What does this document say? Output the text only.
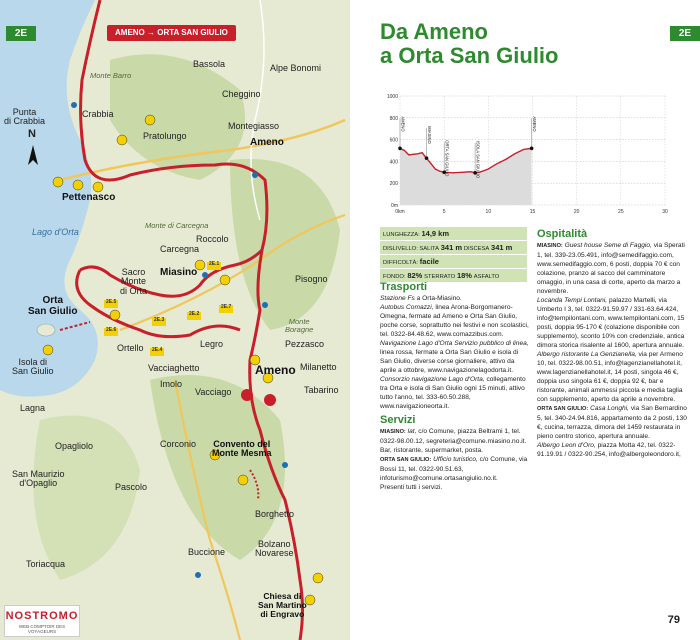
2E	AMENO → ORTA SAN GIULIO
N
2E.1
2E.2
2E.3
2E.4
2E.5
2E.6
2E.7
Bassola	Alpe Bonomi
Cheggino
Montegiasso
Ameno
Punta
di Crabbia
Crabbia
Pratolungo
Monte Barro
Pettenasco
Lago d'Orta
Monte di Carcegna
Carcegna
Roccolo
Miasino
Sacro
Monte
di Orta
Orta
San Giulio
Isola di
San Giulio
Ortello	Legro
Vacciaghetto
Imolo
Vacciago
Ameno
Pisogno
Pezzasco
Milanetto
Tabarino
Monte
Boragne
Lagna
Opagliolo	Corconio Convento del
Monte Mesma
San Maurizio
d'Opaglio	Pascolo
Borghetto
Toriacqua
Buccione
Bolzano
Novarese
Chiesa di
San Martino
di Engravo
NOSTROMO
WEB COMPTOIR DES VOYAGEURS
2E
Da Ameno
a Orta San Giulio
0m
200
400
600
800
1000
0km	5	10	15	20	25	30
AMENO
MIASINO
ORTA SAN GIULIO	ISOLA SAN GIULIO
AMENO
LUNGHEZZA: 14,9 km
DISLIVELLO: SALITA 341 m DISCESA 341 m
DIFFICOLTÀ: facile
FONDO: 82% STERRATO 18% ASFALTO
Trasporti

Stazione Fs a Orta-Miasino.

Autobus Comazzi, linea Arona-Borgomanero-Omegna, fermate ad Ameno e Orta San Giulio, poche corse, soprattutto nei festivi e non scolastici, tel. 0322-84.48.62, www.comazzibus.com.

Navigazione Lago d'Orta Servizio pubblico di linea, linea rossa, fermate a Orta San Giulio e isola di San Giulio, diverse corse giornaliere, attivo da aprile a ottobre, www.navigazionelagodorta.it.

Consorzio navigazione Lago d'Orta, collegamento tra Orta e isola di San Giulio ogni 15 minuti, attivo tutto l'anno, tel. 333-60.50.288, www.navigazioneorta.it.

Servizi

MIASINO: lat, c/o Comune, piazza Beltrami 1, tel. 0322-98.00.12, segreteria@comune.miasino.no.it.

Bar, ristorante, supermarket, posta.

ORTA SAN GIULIO: Ufficio turistico, c/o Comune, via Bossi 11, tel. 0322-90.51.63, infoturismo@comune.ortasangiulio.no.it.

Presenti tutti i servizi.

Ospitalità

MIASINO: Guest house Seme di Faggio, via Sperati 1, tel. 339-23.05.491, info@semedifaggio.com, www.semedifaggio.com, 6 posti, doppia 70 € con colazione, pranzo al sacco del camminatore omaggio, in una casa di corte, aperto da marzo a novembre.

Locanda Tempi Lontani, palazzo Martelli, via Umberto I 3, tel. 0322-91.59.97 / 331-63.64.424, info@tempilontani.com, www.tempilontani.com, 15 posti, doppia 95-170 € (colazione disponibile con supplemento), sconto 10% con credenziale, antica dimora storica risalente al 1600, apertura annuale.

Albergo ristorante La Genzianella, via per Armeno 10, tel. 0322-98.00.51, info@lagenzianellahotel.it, www.lagenzianellahotel.it, 14 posti, singola 46 €, doppia uso singola 61 €, doppia 92 €, bar e ristorante, animali ammessi piccola e media taglia con supplemento, aperto da aprile a novembre.

ORTA SAN GIULIO: Casa Longhi, via San Bernardino 5, tel. 340-24.94.816, appartamento da 2 posti, 130 €, cucina, terrazza, dimora del 1459 restaurata in pieno centro storico, apertura annuale.

Albergo Leon d'Oro, piazza Motta 42, tel. 0322-91.19.91 / 0322-90.254, info@albergoleondoro.it,

79
